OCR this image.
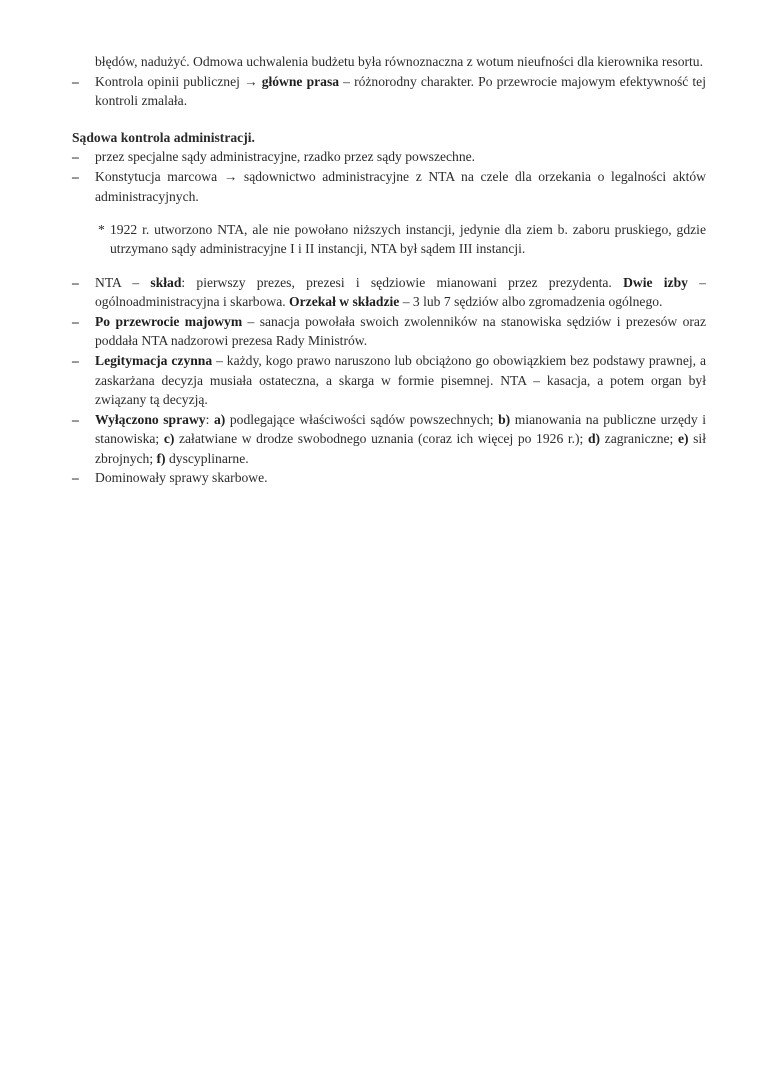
błędów, nadużyć. Odmowa uchwalenia budżetu była równoznaczna z wotum nieufności dla kierownika resortu.

–	Kontrola opinii publicznej → główne prasa – różnorodny charakter. Po przewrocie majowym efektywność tej kontroli zmalała.

Sądowa kontrola administracji.

–	przez specjalne sądy administracyjne, rzadko przez sądy powszechne.

–	Konstytucja marcowa → sądownictwo administracyjne z NTA na czele dla orzekania o legalności aktów administracyjnych.

* 1922 r. utworzono NTA, ale nie powołano niższych instancji, jedynie dla ziem b. zaboru pruskiego, gdzie utrzymano sądy administracyjne I i II instancji, NTA był sądem III instancji.

–	NTA – skład: pierwszy prezes, prezesi i sędziowie mianowani przez prezydenta. Dwie izby – ogólnoadministracyjna i skarbowa. Orzekał w składzie – 3 lub 7 sędziów albo zgromadzenia ogólnego.

–	Po przewrocie majowym – sanacja powołała swoich zwolenników na stanowiska sędziów i prezesów oraz poddała NTA nadzorowi prezesa Rady Ministrów.

–	Legitymacja czynna – każdy, kogo prawo naruszono lub obciążono go obowiązkiem bez podstawy prawnej, a zaskarżana decyzja musiała ostateczna, a skarga w formie pisemnej. NTA – kasacja, a potem organ był związany tą decyzją.

–	Wyłączono sprawy: a) podlegające właściwości sądów powszechnych; b) mianowania na publiczne urzędy i stanowiska; c) załatwiane w drodze swobodnego uznania (coraz ich więcej po 1926 r.); d) zagraniczne; e) sił zbrojnych; f) dyscyplinarne.

–	Dominowały sprawy skarbowe.
